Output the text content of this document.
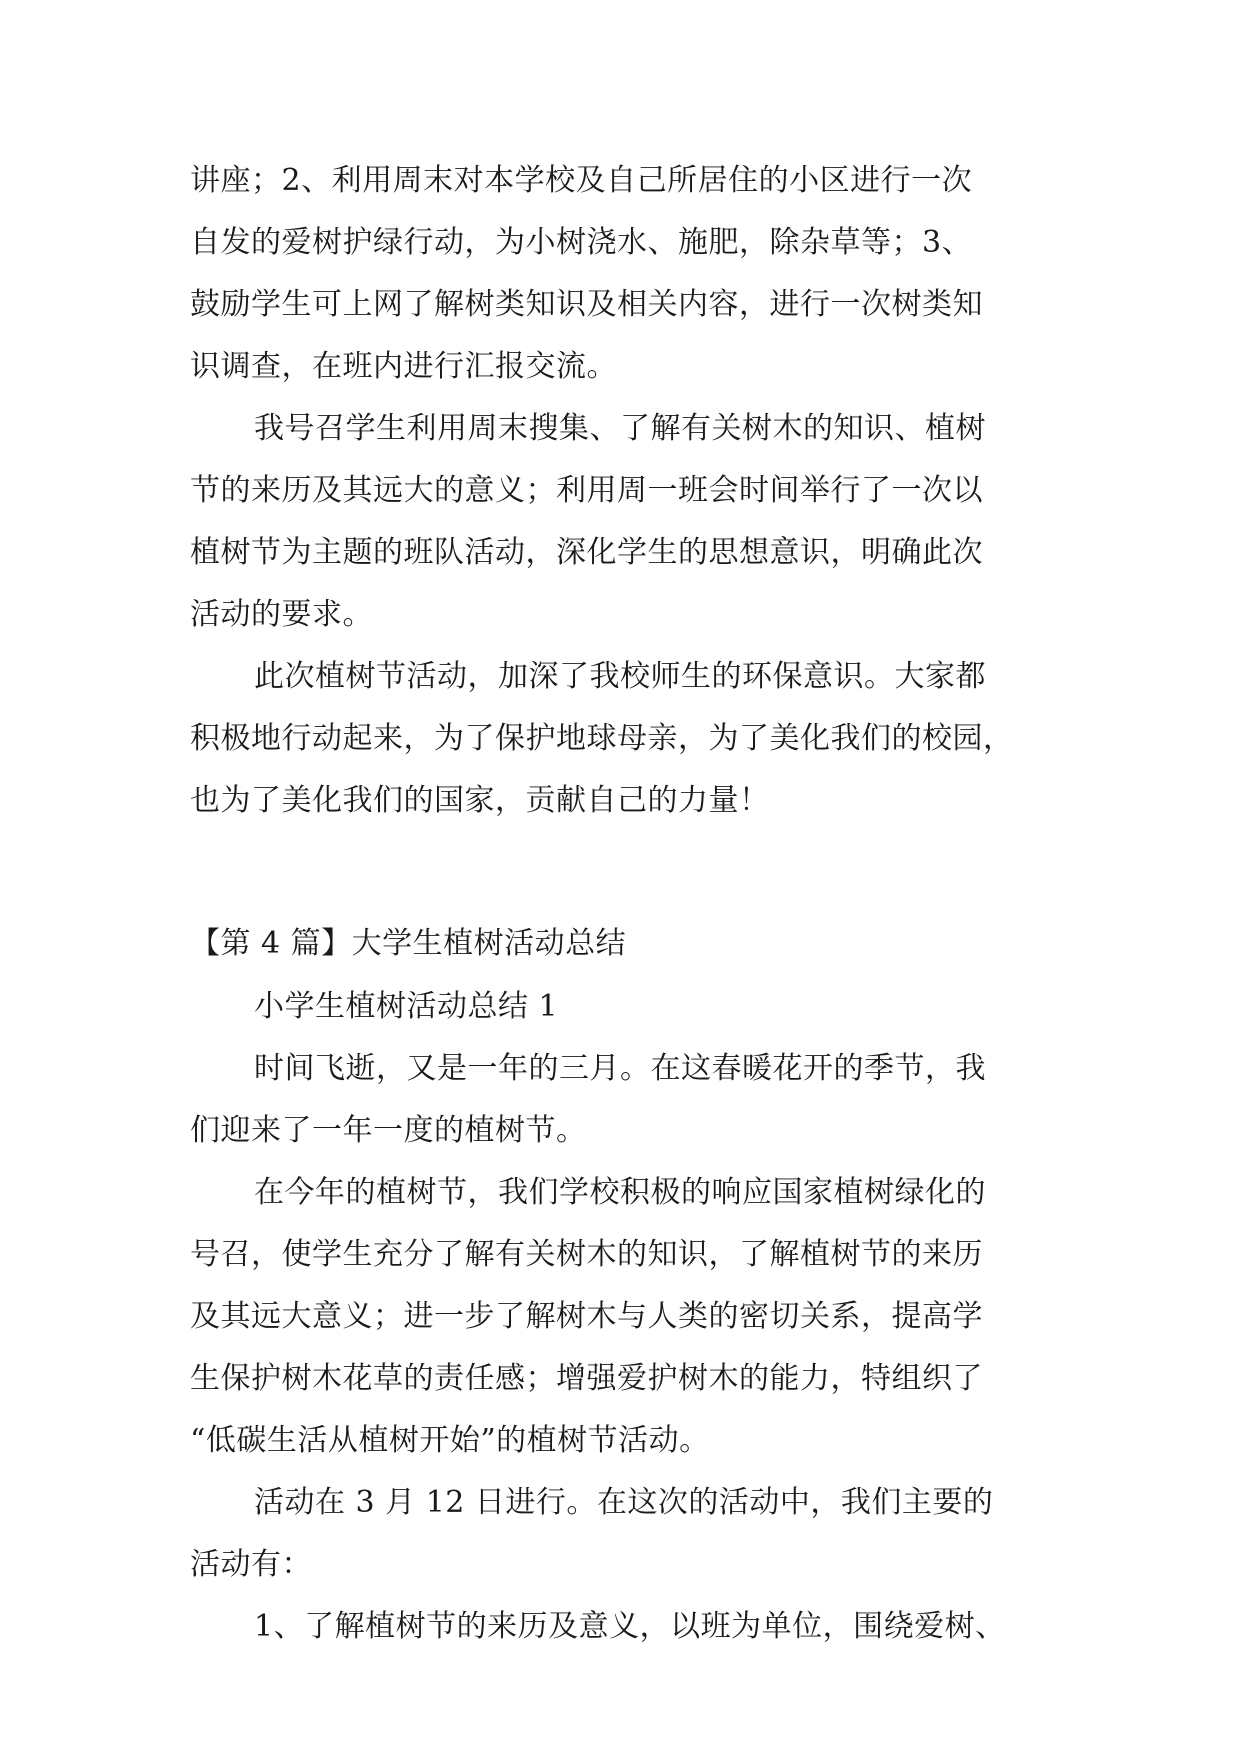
讲座；2、利用周末对本学校及自己所居住的小区进行一次
自发的爱树护绿行动，为小树浇水、施肥，除杂草等；3、
鼓励学生可上网了解树类知识及相关内容，进行一次树类知
识调查，在班内进行汇报交流。
我号召学生利用周末搜集、了解有关树木的知识、植树
节的来历及其远大的意义；利用周一班会时间举行了一次以
植树节为主题的班队活动，深化学生的思想意识，明确此次
活动的要求。
此次植树节活动，加深了我校师生的环保意识。大家都
积极地行动起来，为了保护地球母亲，为了美化我们的校园，
也为了美化我们的国家，贡献自己的力量！
【第 4 篇】大学生植树活动总结
小学生植树活动总结 1
时间飞逝，又是一年的三月。在这春暖花开的季节，我
们迎来了一年一度的植树节。
在今年的植树节，我们学校积极的响应国家植树绿化的
号召，使学生充分了解有关树木的知识，了解植树节的来历
及其远大意义；进一步了解树木与人类的密切关系，提高学
生保护树木花草的责任感；增强爱护树木的能力，特组织了
“低碳生活从植树开始”的植树节活动。
活动在 3 月 12 日进行。在这次的活动中，我们主要的
活动有：
1、了解植树节的来历及意义，以班为单位，围绕爱树、
